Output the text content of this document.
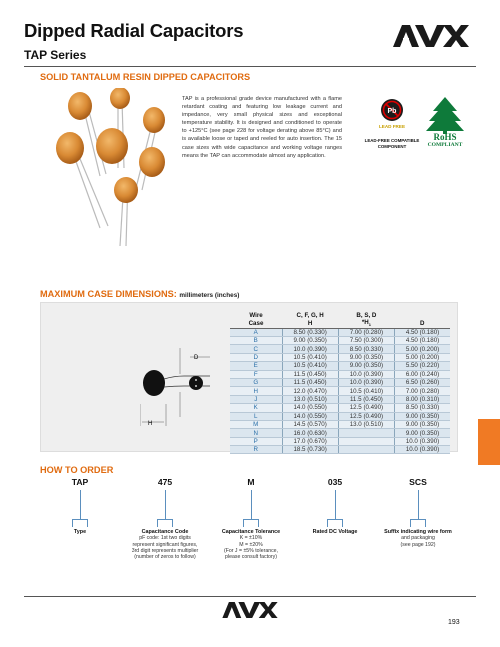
Dipped Radial Capacitors
TAP Series
SOLID TANTALUM RESIN DIPPED CAPACITORS
TAP is a professional grade device manufactured with a flame retardant coating and featuring low leakage current and impedance, very small physical sizes and exceptional temperature stability. It is designed and conditioned to operate to +125°C (see page 228 for voltage derating above 85°C) and is available loose or taped and reeled for auto insertion. The 15 case sizes with wide capacitance and working voltage ranges means the TAP can accommodate almost any application.
Pb
LEAD FREE
LEAD-FREE COMPATIBLE COMPONENT
RoHS
COMPLIANT
MAXIMUM CASE DIMENSIONS: millimeters (inches)
H
D
Wire	C, F, G, H	B, S, D	
Case	H	$*H_1$	D
A	8.50 (0.330)	7.00 (0.280)	4.50 (0.180)
B	9.00 (0.350)	7.50 (0.300)	4.50 (0.180)
C	10.0 (0.390)	8.50 (0.330)	5.00 (0.200)
D	10.5 (0.410)	9.00 (0.350)	5.00 (0.200)
E	10.5 (0.410)	9.00 (0.350)	5.50 (0.220)
F	11.5 (0.450)	10.0 (0.390)	6.00 (0.240)
G	11.5 (0.450)	10.0 (0.390)	6.50 (0.260)
H	12.0 (0.470)	10.5 (0.410)	7.00 (0.280)
J	13.0 (0.510)	11.5 (0.450)	8.00 (0.310)
K	14.0 (0.550)	12.5 (0.490)	8.50 (0.330)
L	14.0 (0.550)	12.5 (0.490)	9.00 (0.350)
M	14.5 (0.570)	13.0 (0.510)	9.00 (0.350)
N	16.0 (0.630)		9.00 (0.350)
P	17.0 (0.670)		10.0 (0.390)
R	18.5 (0.730)		10.0 (0.390)
HOW TO ORDER
TAP
Type
475
Capacitance Code
pF code: 1st two digits
represent significant figures,
3rd digit represents multiplier
(number of zeros to follow)
M
Capacitance Tolerance
K = ±10%
M = ±20%
(For J = ±5% tolerance,
please consult factory)
035
Rated DC Voltage
SCS
Suffix indicating wire form
and packaging
(see page 192)
193
